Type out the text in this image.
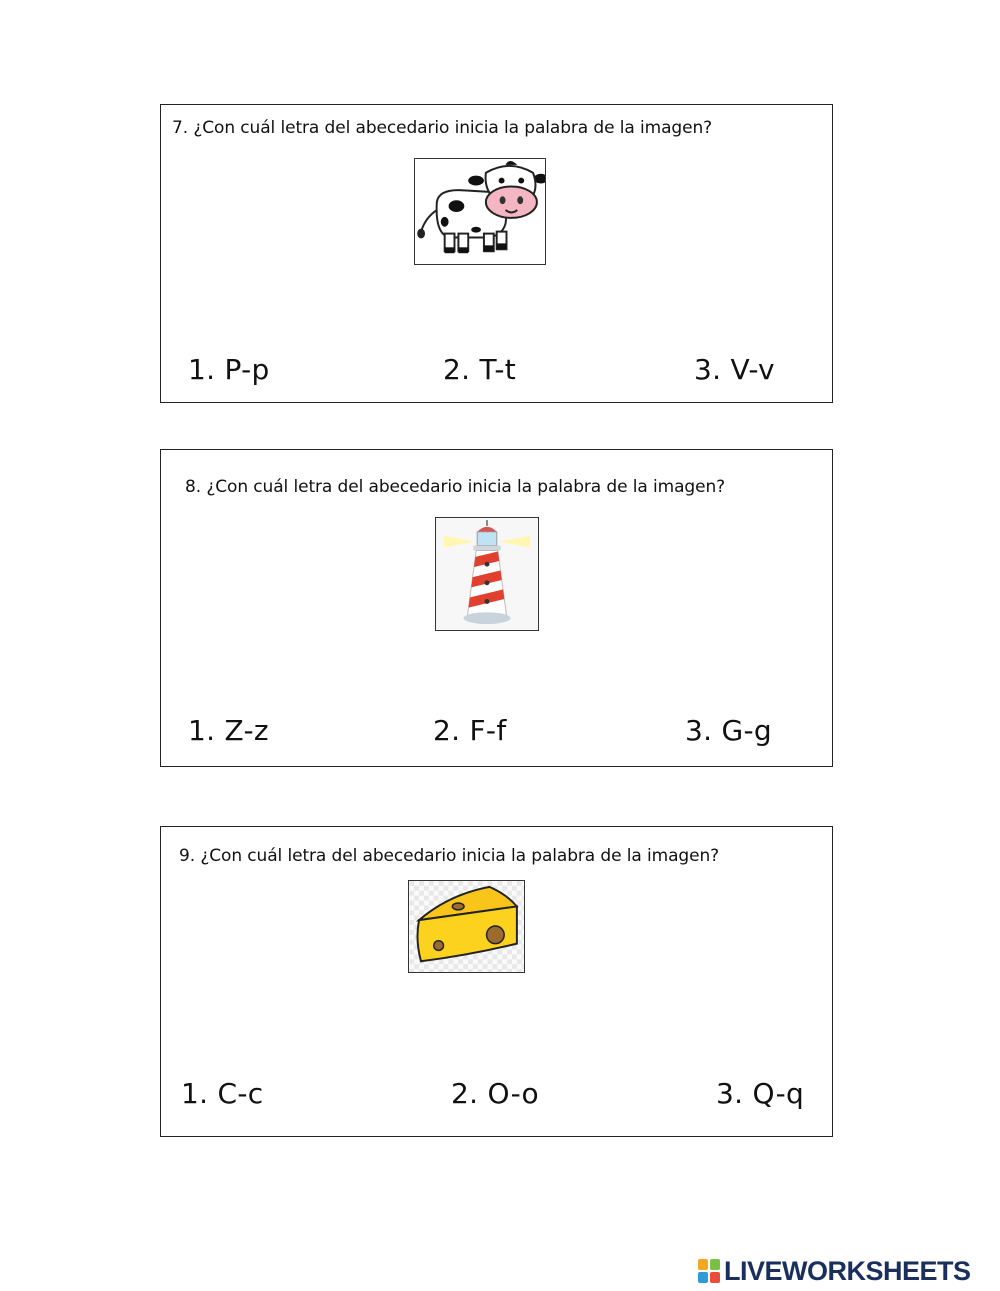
7. ¿Con cuál letra del abecedario inicia la palabra de la imagen?
1. P-p	2. T-t	3. V-v
8. ¿Con cuál letra del abecedario inicia la palabra de la imagen?
1. Z-z	2. F-f	3. G-g
9. ¿Con cuál letra del abecedario inicia la palabra de la imagen?
1. C-c	2. O-o	3. Q-q
LIVEWORKSHEETS
